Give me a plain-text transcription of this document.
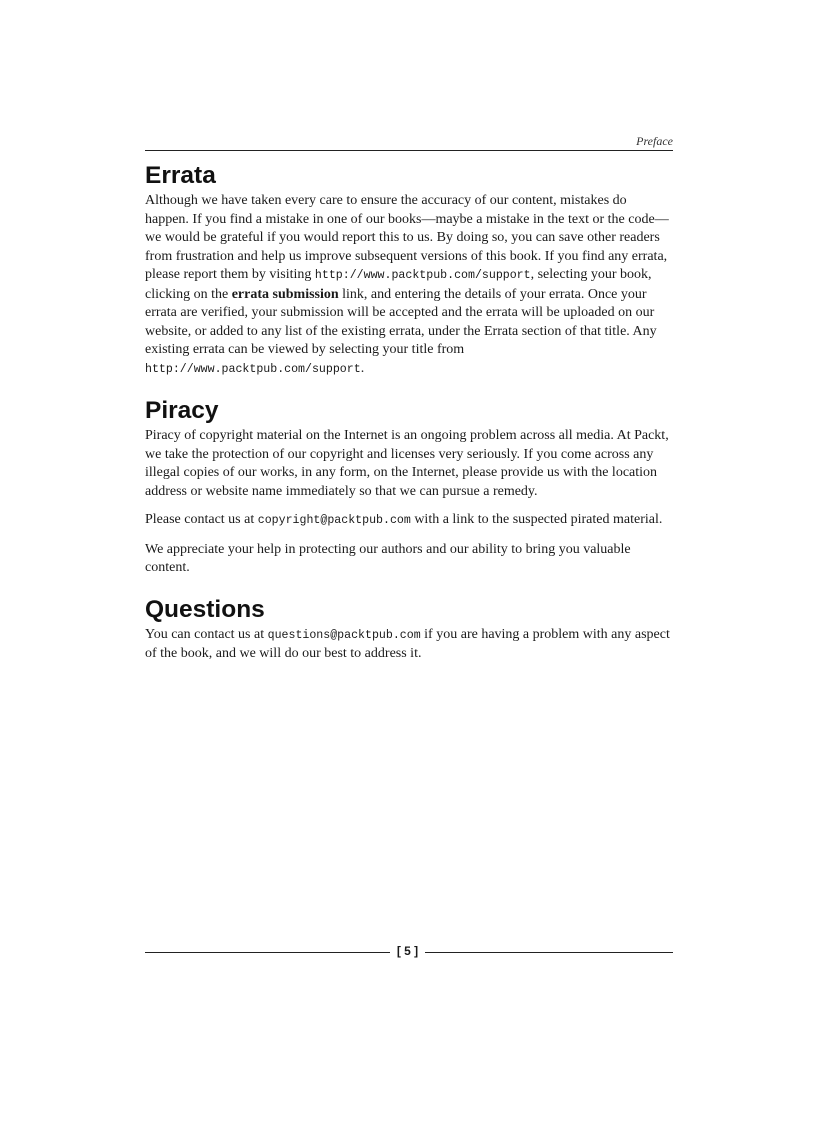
Preface
Errata

Although we have taken every care to ensure the accuracy of our content, mistakes do happen. If you find a mistake in one of our books—maybe a mistake in the text or the code—we would be grateful if you would report this to us. By doing so, you can save other readers from frustration and help us improve subsequent versions of this book. If you find any errata, please report them by visiting http://www.packtpub.com/support, selecting your book, clicking on the errata submission link, and entering the details of your errata. Once your errata are verified, your submission will be accepted and the errata will be uploaded on our website, or added to any list of the existing errata, under the Errata section of that title. Any existing errata can be viewed by selecting your title from http://www.packtpub.com/support.

Piracy

Piracy of copyright material on the Internet is an ongoing problem across all media. At Packt, we take the protection of our copyright and licenses very seriously. If you come across any illegal copies of our works, in any form, on the Internet, please provide us with the location address or website name immediately so that we can pursue a remedy.

Please contact us at copyright@packtpub.com with a link to the suspected pirated material.

We appreciate your help in protecting our authors and our ability to bring you valuable content.

Questions

You can contact us at questions@packtpub.com if you are having a problem with any aspect of the book, and we will do our best to address it.

[ 5 ]
